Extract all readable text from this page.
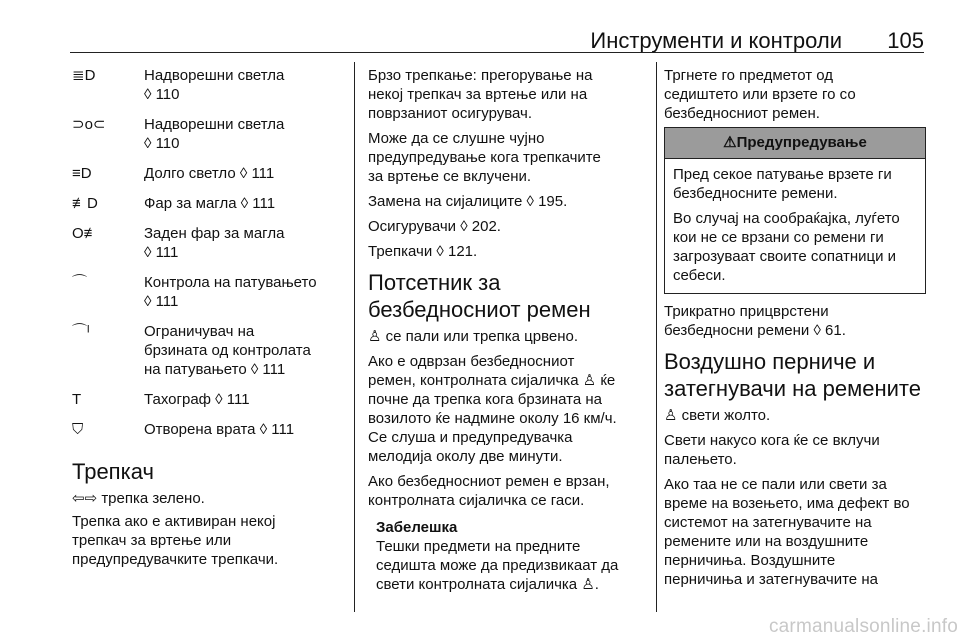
Инструменти и контроли 105
≣D	Надворешни светла
◊ 110
⊃o⊂	Надворешни светла
◊ 110
≡D	Долго светло ◊ 111
≢D	Фар за магла ◊ 111
O≢	Заден фар за магла
◊ 111
⌒	Контрола на патувањето
◊ 111
⌒ᴵ	Ограничувач на
брзината од контролата
на патувањето ◊ 111
T	Тахограф ◊ 111
⛉	Отворена врата ◊ 111
Трепкач

⇦⇨ трепка зелено.

Трепка ако е активиран некој
трепкач за вртење или
предупредувачките трепкачи.

Брзо трепкање: прегорување на
некој трепкач за вртење или на
поврзаниот осигурувач.

Може да се слушне чујно
предупредување кога трепкачите
за вртење се вклучени.

Замена на сијалиците ◊ 195.

Осигурувачи ◊ 202.

Трепкачи ◊ 121.

Потсетник за
безбедносниот ремен

♙ се пали или трепка црвено.

Ако е одврзан безбедносниот
ремен, контролната сијаличка ♙ ќе
почне да трепка кога брзината на
возилото ќе надмине околу 16 км/ч.
Се слуша и предупредувачка
мелодија околу две минути.

Ако безбедносниот ремен е врзан,
контролната сијаличка се гаси.

Забелешка

Тешки предмети на предните
седишта може да предизвикаат да
свети контролната сијаличка ♙.

Тргнете го предметот од
седиштето или врзете го со
безбедносниот ремен.

⚠Предупредување

Пред секое патување врзете ги
безбедносните ремени.

Во случај на сообраќајка, луѓето
кои не се врзани со ремени ги
загрозуваат своите сопатници и
себеси.

Трикратно прицврстени
безбедносни ремени ◊ 61.

Воздушно перниче и
затегнувачи на ремените

♙ свети жолто.

Свети накусо кога ќе се вклучи
палењето.

Ако таа не се пали или свети за
време на возењето, има дефект во
системот на затегнувачите на
ремените или на воздушните
перничиња. Воздушните
перничиња и затегнувачите на

carmanualsonline.info
